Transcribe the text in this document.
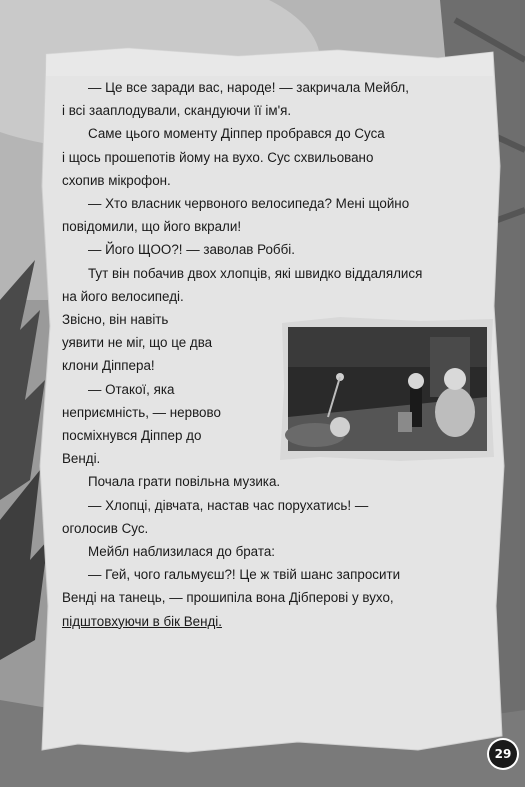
— Це все заради вас, народе! — закричала Мейбл,

і всі зааплодували, скандуючи її ім'я.

Саме цього моменту Діппер пробрався до Суса

і щось прошепотів йому на вухо. Сус схвильовано

схопив мікрофон.

— Хто власник червоного велосипеда? Мені щойно

повідомили, що його вкрали!

— Його ЩОО?! — заволав Роббі.

Тут він побачив двох хлопців, які швидко віддалялися

на його велосипеді.

Звісно, він навіть

уявити не міг, що це два

клони Діппера!

— Отакої, яка

неприємність, — нервово

посміхнувся Діппер до

Венді.

Почала грати повільна музика.

— Хлопці, дівчата, настав час порухатись! —

оголосив Сус.

Мейбл наблизилася до брата:

— Гей, чого гальмуєш?! Це ж твій шанс запросити

Венді на танець, — прошипіла вона Дібперові у вухо,

підштовхуючи в бік Венді.

29
